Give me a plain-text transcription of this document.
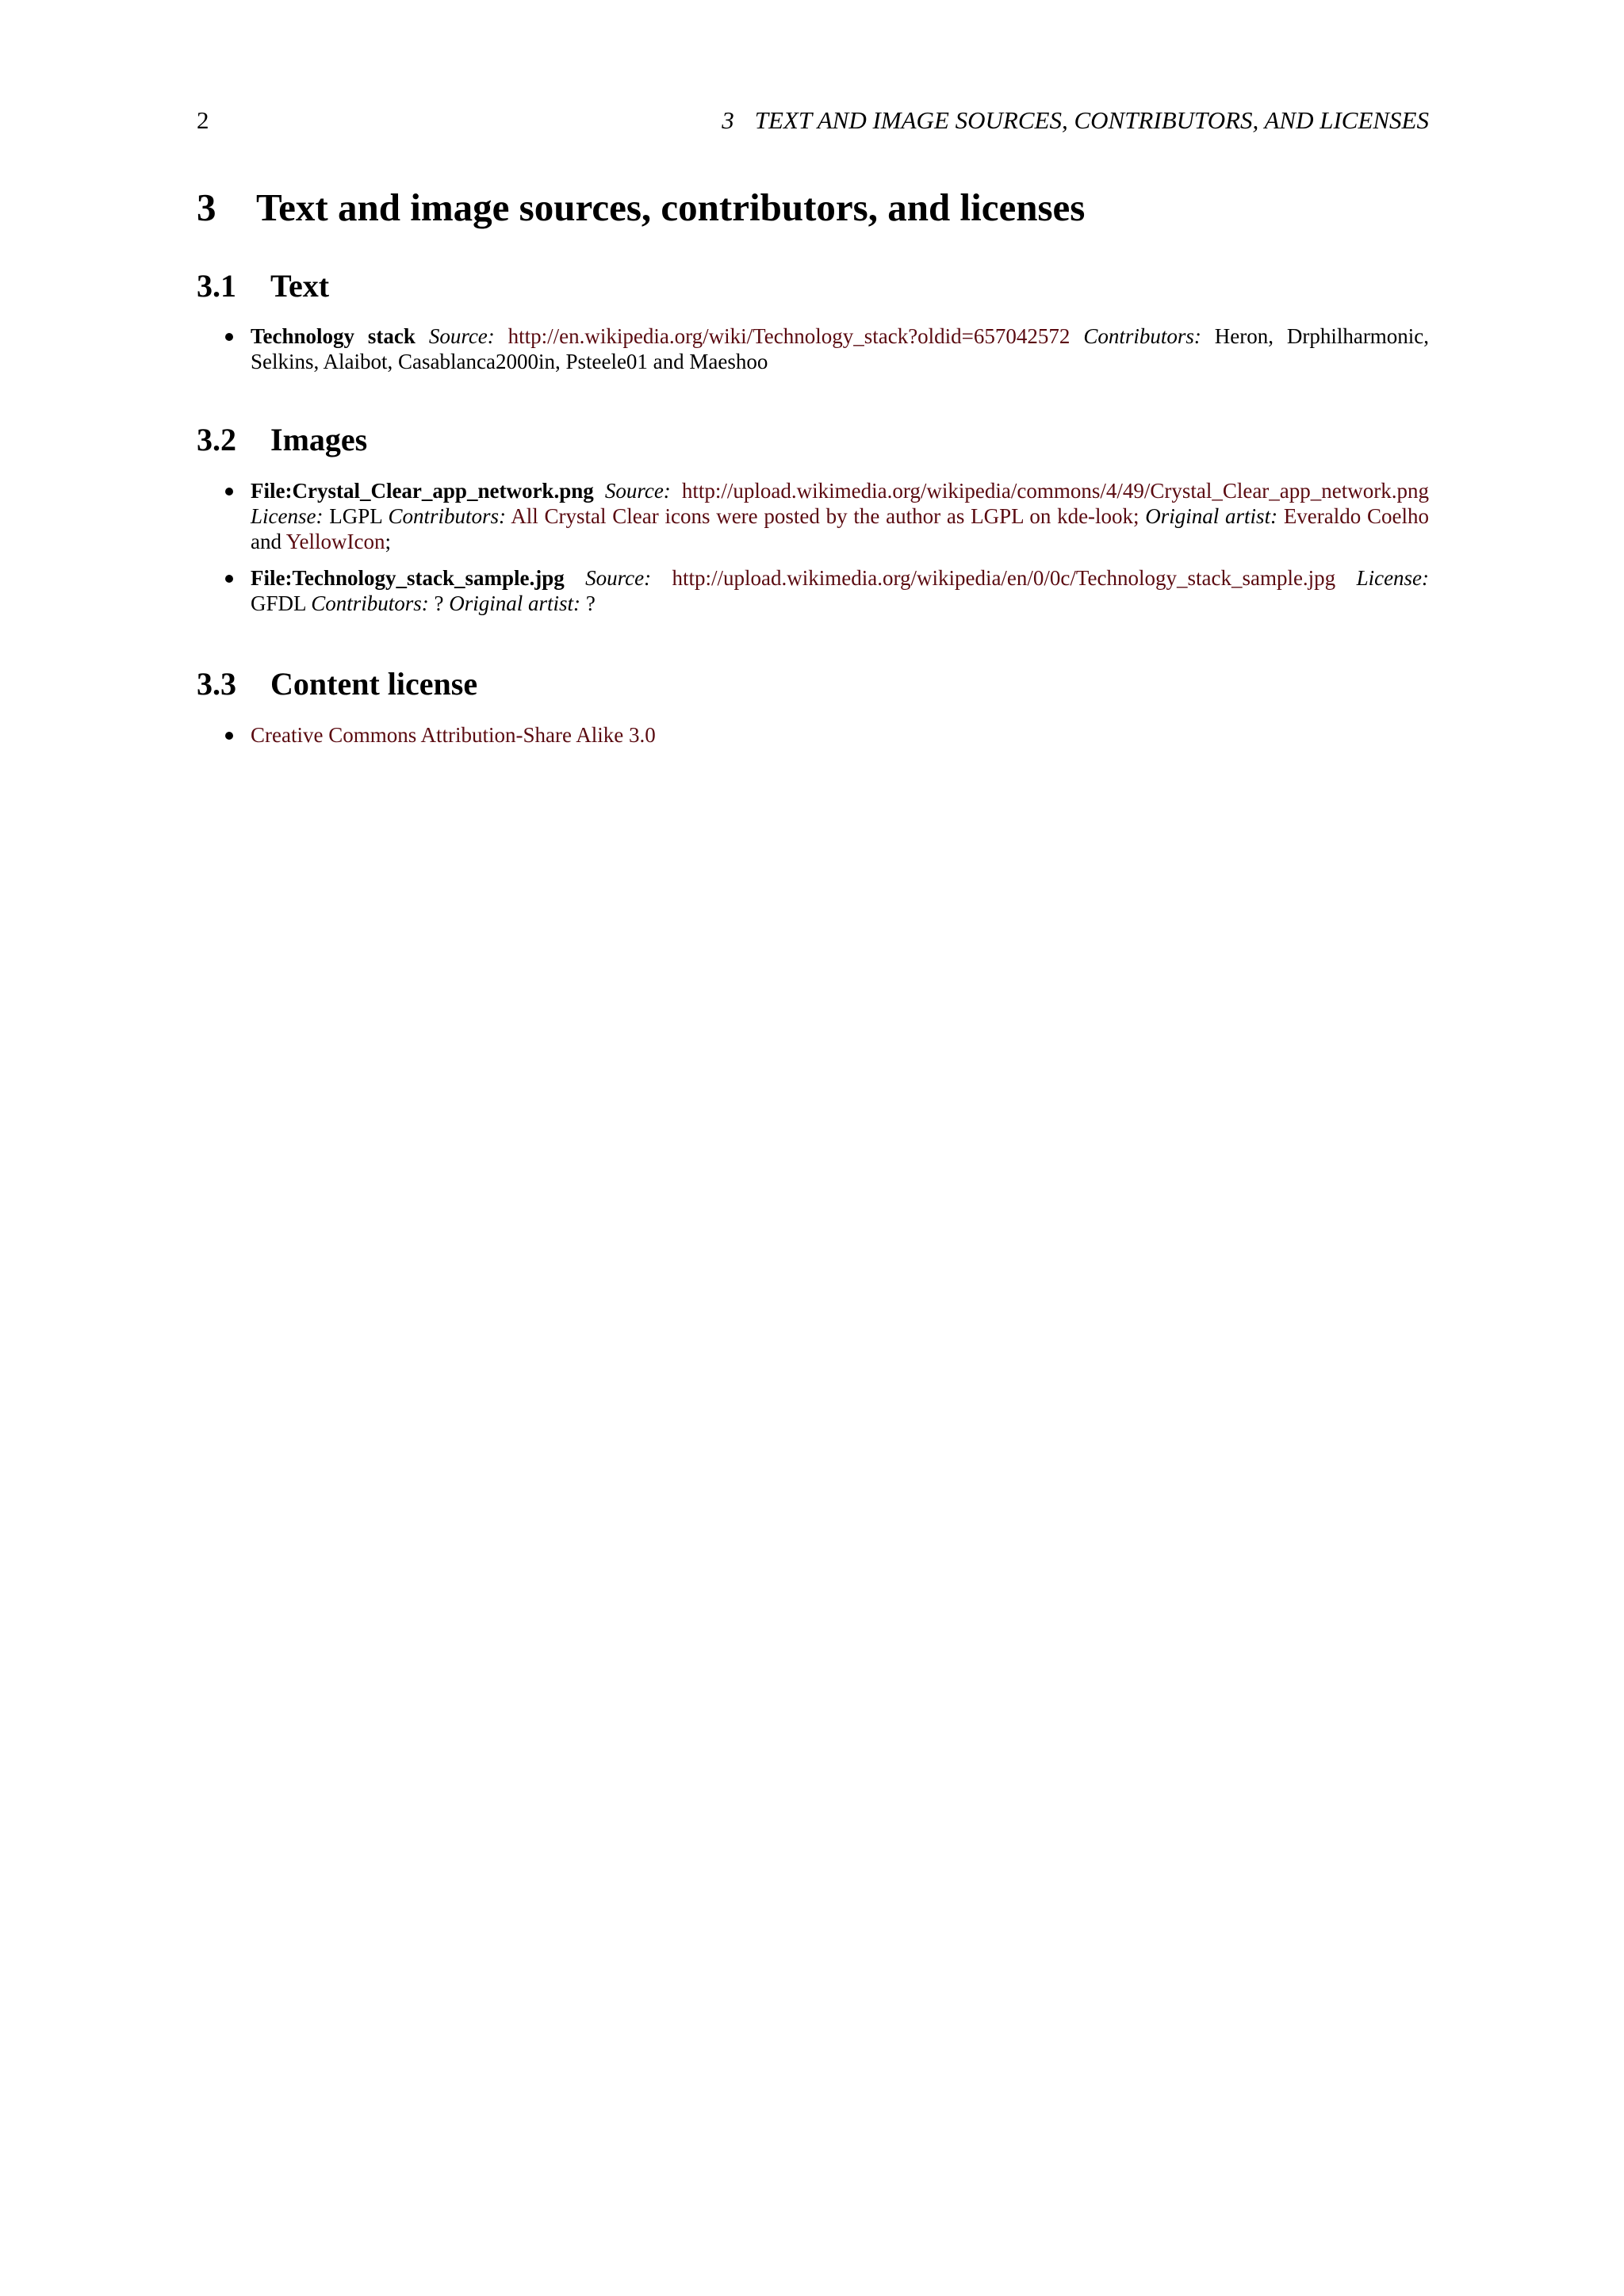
2	3 TEXT AND IMAGE SOURCES, CONTRIBUTORS, AND LICENSES
3 Text and image sources, contributors, and licenses
3.1 Text
Technology stack Source: http://en.wikipedia.org/wiki/Technology_stack?oldid=657042572 Contributors: Heron, Drphilharmonic, Selkins, Alaibot, Casablanca2000in, Psteele01 and Maeshoo
3.2 Images
File:Crystal_Clear_app_network.png Source: http://upload.wikimedia.org/wikipedia/commons/4/49/Crystal_Clear_app_network.png License: LGPL Contributors: All Crystal Clear icons were posted by the author as LGPL on kde-look; Original artist: Everaldo Coelho and YellowIcon;
File:Technology_stack_sample.jpg Source: http://upload.wikimedia.org/wikipedia/en/0/0c/Technology_stack_sample.jpg License: GFDL Contributors: ? Original artist: ?
3.3 Content license
Creative Commons Attribution-Share Alike 3.0
